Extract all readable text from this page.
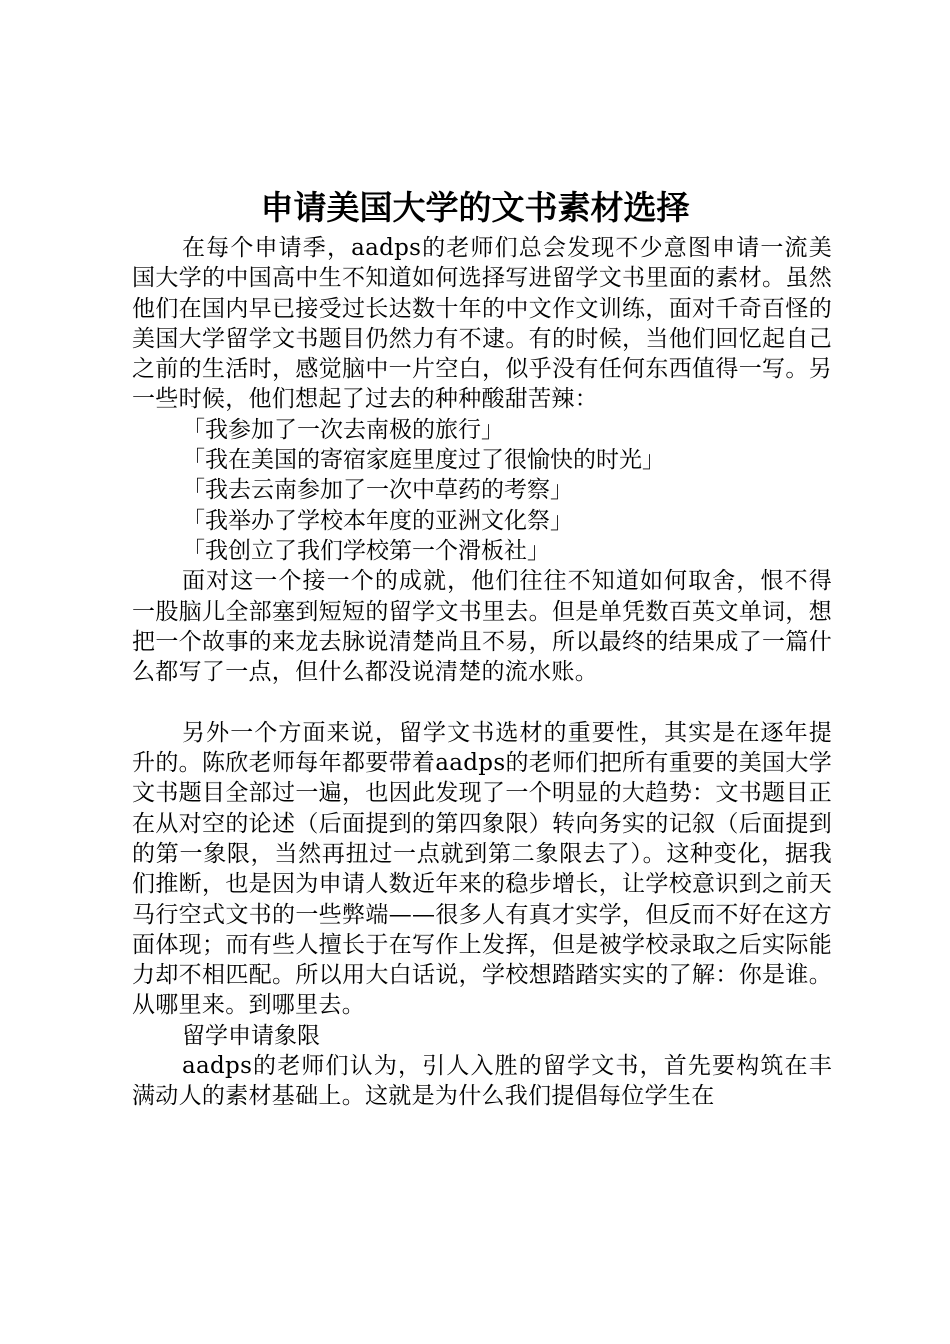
申请美国大学的文书素材选择

在每个申请季，aadps的老师们总会发现不少意图申请一流美国大学的中国高中生不知道如何选择写进留学文书里面的素材。虽然他们在国内早已接受过长达数十年的中文作文训练，面对千奇百怪的美国大学留学文书题目仍然力有不逮。有的时候，当他们回忆起自己之前的生活时，感觉脑中一片空白，似乎没有任何东西值得一写。另一些时候，他们想起了过去的种种酸甜苦辣：

「我参加了一次去南极的旅行」

「我在美国的寄宿家庭里度过了很愉快的时光」

「我去云南参加了一次中草药的考察」

「我举办了学校本年度的亚洲文化祭」

「我创立了我们学校第一个滑板社」

面对这一个接一个的成就，他们往往不知道如何取舍，恨不得一股脑儿全部塞到短短的留学文书里去。但是单凭数百英文单词，想把一个故事的来龙去脉说清楚尚且不易，所以最终的结果成了一篇什么都写了一点，但什么都没说清楚的流水账。

另外一个方面来说，留学文书选材的重要性，其实是在逐年提升的。陈欣老师每年都要带着aadps的老师们把所有重要的美国大学文书题目全部过一遍，也因此发现了一个明显的大趋势：文书题目正在从对空的论述（后面提到的第四象限）转向务实的记叙（后面提到的第一象限，当然再扭过一点就到第二象限去了）。这种变化，据我们推断，也是因为申请人数近年来的稳步增长，让学校意识到之前天马行空式文书的一些弊端——很多人有真才实学，但反而不好在这方面体现；而有些人擅长于在写作上发挥，但是被学校录取之后实际能力却不相匹配。所以用大白话说，学校想踏踏实实的了解：你是谁。从哪里来。到哪里去。

留学申请象限

aadps的老师们认为，引人入胜的留学文书，首先要构筑在丰满动人的素材基础上。这就是为什么我们提倡每位学生在
